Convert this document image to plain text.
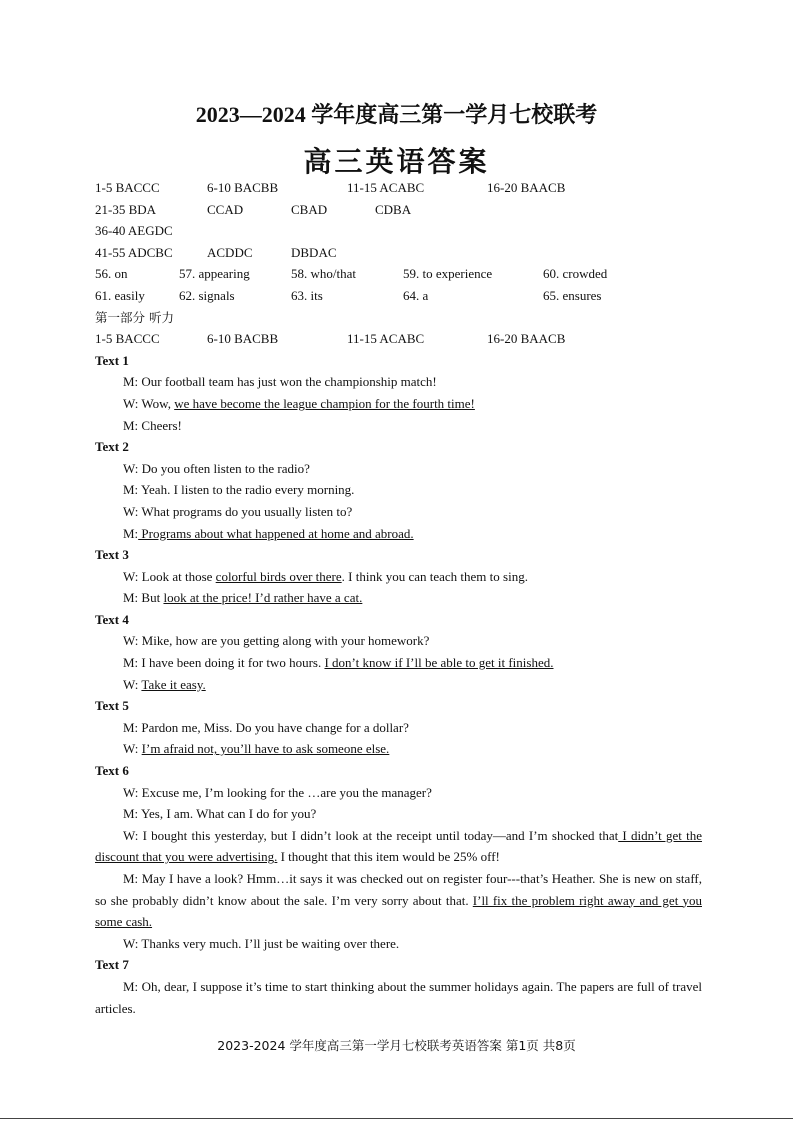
2023—2024 学年度高三第一学月七校联考
高三英语答案
1-5 BACCC	6-10 BACBB	11-15 ACABC	16-20 BAACB
21-35 BDA	CCAD	CBAD	CDBA
36-40 AEGDC
41-55 ADCBC	ACDDC	DBDAC
56. on	57. appearing	58. who/that	59. to experience	60. crowded
61. easily	62. signals	63. its	64. a	65. ensures
第一部分 听力
1-5 BACCC	6-10 BACBB	11-15 ACABC	16-20 BAACB
Text 1
M: Our football team has just won the championship match!
W: Wow, we have become the league champion for the fourth time!
M: Cheers!
Text 2
W: Do you often listen to the radio?
M: Yeah. I listen to the radio every morning.
W: What programs do you usually listen to?
M: Programs about what happened at home and abroad.
Text 3
W: Look at those colorful birds over there. I think you can teach them to sing.
M: But look at the price! I’d rather have a cat.
Text 4
W: Mike, how are you getting along with your homework?
M: I have been doing it for two hours. I don’t know if I’ll be able to get it finished.
W: Take it easy.
Text 5
M: Pardon me, Miss. Do you have change for a dollar?
W: I’m afraid not, you’ll have to ask someone else.
Text 6
W: Excuse me, I’m looking for the …are you the manager?
M: Yes, I am. What can I do for you?
W: I bought this yesterday, but I didn’t look at the receipt until today—and I’m shocked that I didn’t get the discount that you were advertising. I thought that this item would be 25% off!
M: May I have a look? Hmm…it says it was checked out on register four---that’s Heather. She is new on staff, so she probably didn’t know about the sale. I’m very sorry about that. I’ll fix the problem right away and get you some cash.
W: Thanks very much. I’ll just be waiting over there.
Text 7
M: Oh, dear, I suppose it’s time to start thinking about the summer holidays again. The papers are full of travel articles.
2023-2024 学年度高三第一学月七校联考英语答案 第1页 共8页
